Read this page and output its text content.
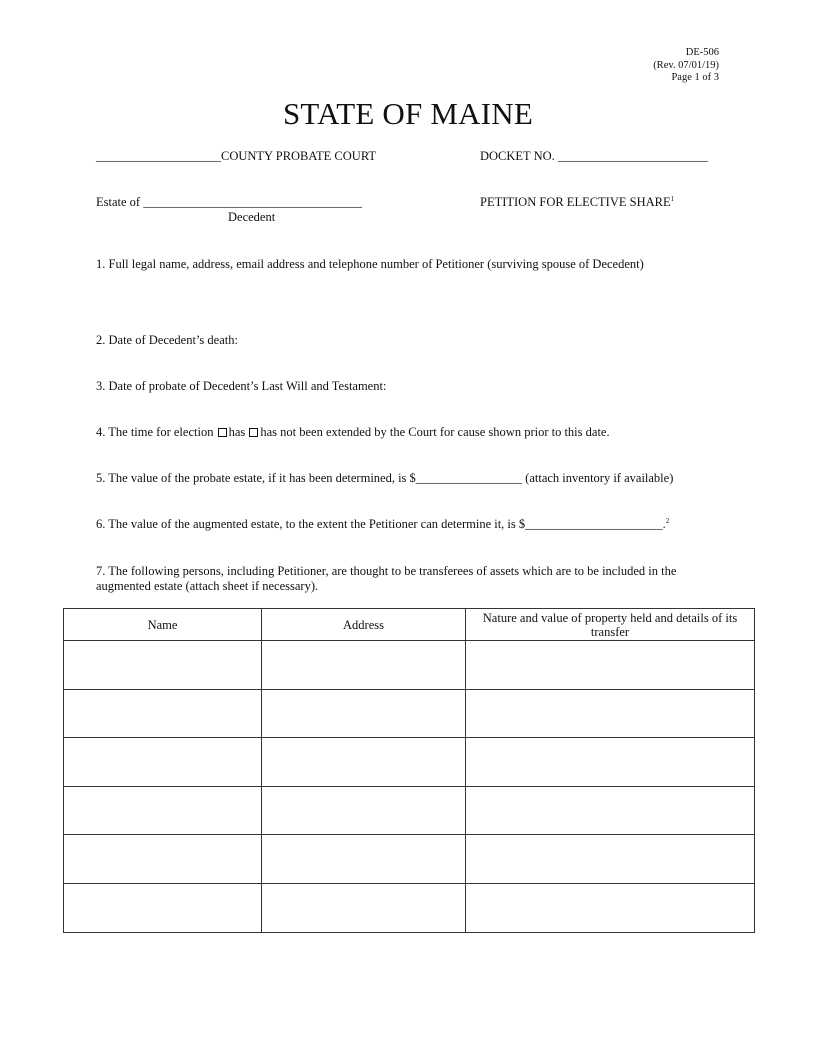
DE-506
(Rev. 07/01/19)
Page 1 of 3
STATE OF MAINE
____________________COUNTY PROBATE COURT	DOCKET NO. ________________________
Estate of ___________________________________
Decedent
PETITION FOR ELECTIVE SHARE$^1$
1. Full legal name, address, email address and telephone number of Petitioner (surviving spouse of Decedent)
2. Date of Decedent’s death:
3. Date of probate of Decedent’s Last Will and Testament:
4. The time for election has has not been extended by the Court for cause shown prior to this date.
5. The value of the probate estate, if it has been determined, is $_________________ (attach inventory if available)
6. The value of the augmented estate, to the extent the Petitioner can determine it, is $______________________.$^2$
7. The following persons, including Petitioner, are thought to be transferees of assets which are to be included in the
augmented estate (attach sheet if necessary).
Name	Address	Nature and value of property held and details of its transfer
